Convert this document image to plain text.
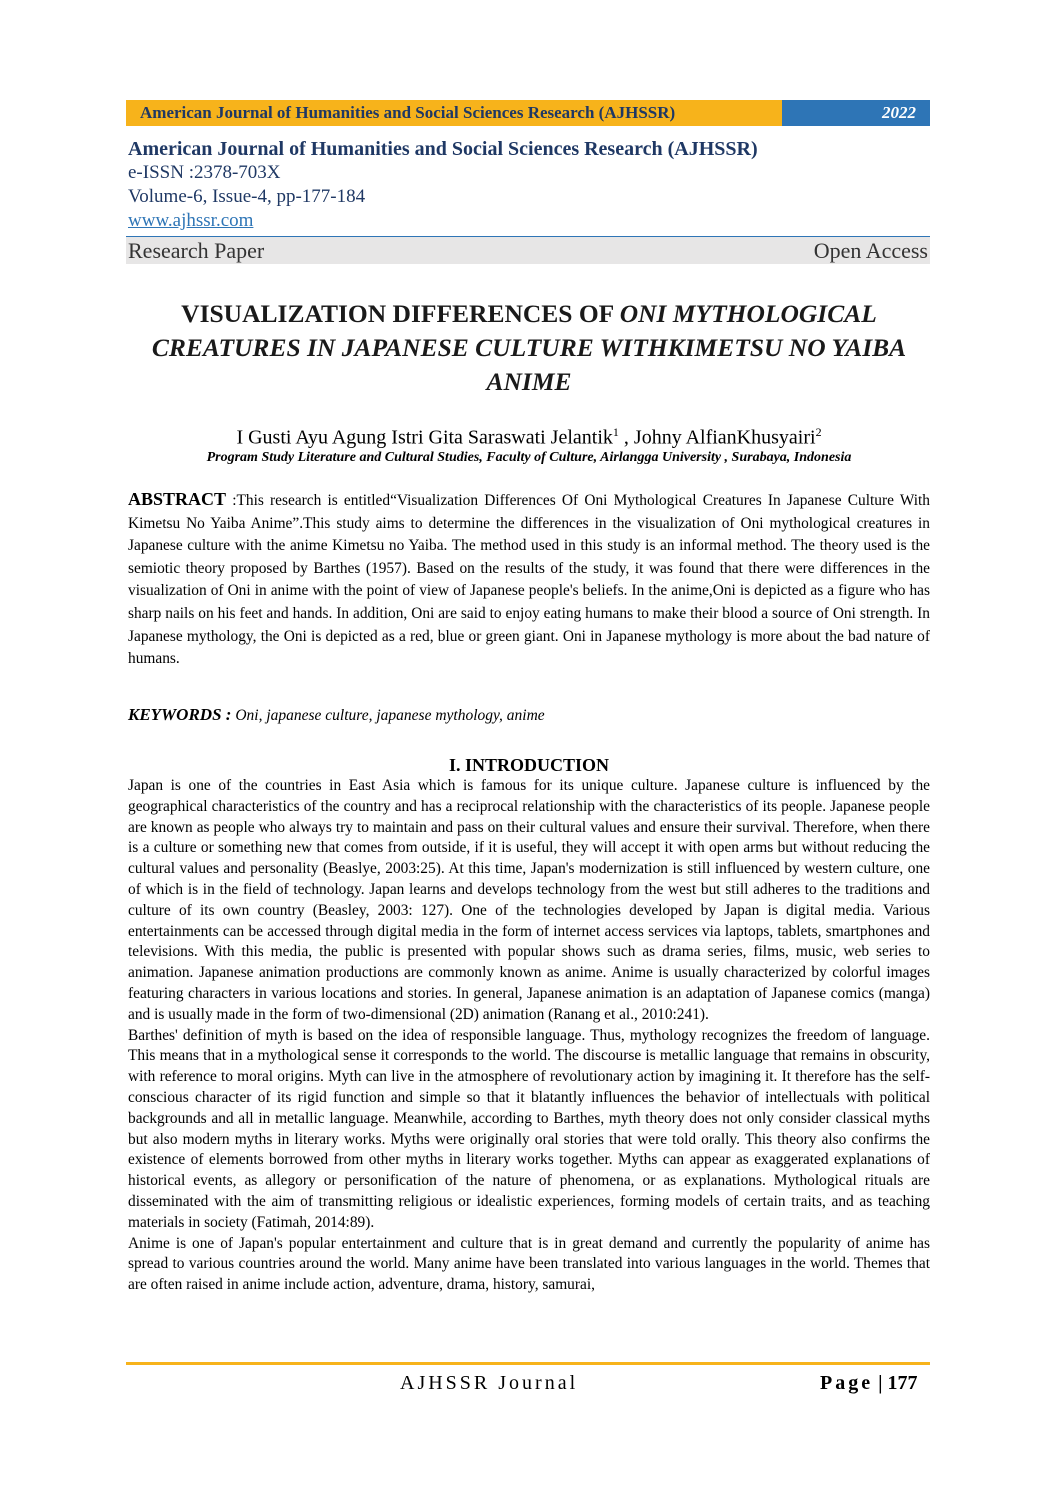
American Journal of Humanities and Social Sciences Research (AJHSSR)	2022
American Journal of Humanities and Social Sciences Research (AJHSSR)
e-ISSN :2378-703X
Volume-6, Issue-4, pp-177-184
www.ajhssr.com
Research Paper	Open Access
VISUALIZATION DIFFERENCES OF ONI MYTHOLOGICAL CREATURES IN JAPANESE CULTURE WITHKIMETSU NO YAIBA ANIME
I Gusti Ayu Agung Istri Gita Saraswati Jelantik$^1$ , Johny AlfianKhusyairi$^2$
Program Study Literature and Cultural Studies, Faculty of Culture, Airlangga University , Surabaya, Indonesia
ABSTRACT :This research is entitled“Visualization Differences Of Oni Mythological Creatures In Japanese Culture With Kimetsu No Yaiba Anime”.This study aims to determine the differences in the visualization of Oni mythological creatures in Japanese culture with the anime Kimetsu no Yaiba. The method used in this study is an informal method. The theory used is the semiotic theory proposed by Barthes (1957). Based on the results of the study, it was found that there were differences in the visualization of Oni in anime with the point of view of Japanese people's beliefs. In the anime,Oni is depicted as a figure who has sharp nails on his feet and hands. In addition, Oni are said to enjoy eating humans to make their blood a source of Oni strength. In Japanese mythology, the Oni is depicted as a red, blue or green giant. Oni in Japanese mythology is more about the bad nature of humans.
KEYWORDS : Oni, japanese culture, japanese mythology, anime
I. INTRODUCTION

Japan is one of the countries in East Asia which is famous for its unique culture. Japanese culture is influenced by the geographical characteristics of the country and has a reciprocal relationship with the characteristics of its people. Japanese people are known as people who always try to maintain and pass on their cultural values and ensure their survival. Therefore, when there is a culture or something new that comes from outside, if it is useful, they will accept it with open arms but without reducing the cultural values and personality (Beaslye, 2003:25). At this time, Japan's modernization is still influenced by western culture, one of which is in the field of technology. Japan learns and develops technology from the west but still adheres to the traditions and culture of its own country (Beasley, 2003: 127). One of the technologies developed by Japan is digital media. Various entertainments can be accessed through digital media in the form of internet access services via laptops, tablets, smartphones and televisions. With this media, the public is presented with popular shows such as drama series, films, music, web series to animation. Japanese animation productions are commonly known as anime. Anime is usually characterized by colorful images featuring characters in various locations and stories. In general, Japanese animation is an adaptation of Japanese comics (manga) and is usually made in the form of two-dimensional (2D) animation (Ranang et al., 2010:241).

Barthes' definition of myth is based on the idea of responsible language. Thus, mythology recognizes the freedom of language. This means that in a mythological sense it corresponds to the world. The discourse is metallic language that remains in obscurity, with reference to moral origins. Myth can live in the atmosphere of revolutionary action by imagining it. It therefore has the self-conscious character of its rigid function and simple so that it blatantly influences the behavior of intellectuals with political backgrounds and all in metallic language. Meanwhile, according to Barthes, myth theory does not only consider classical myths but also modern myths in literary works. Myths were originally oral stories that were told orally. This theory also confirms the existence of elements borrowed from other myths in literary works together. Myths can appear as exaggerated explanations of historical events, as allegory or personification of the nature of phenomena, or as explanations. Mythological rituals are disseminated with the aim of transmitting religious or idealistic experiences, forming models of certain traits, and as teaching materials in society (Fatimah, 2014:89).

Anime is one of Japan's popular entertainment and culture that is in great demand and currently the popularity of anime has spread to various countries around the world. Many anime have been translated into various languages in the world. Themes that are often raised in anime include action, adventure, drama, history, samurai,

AJHSSR Journal	Page | 177
